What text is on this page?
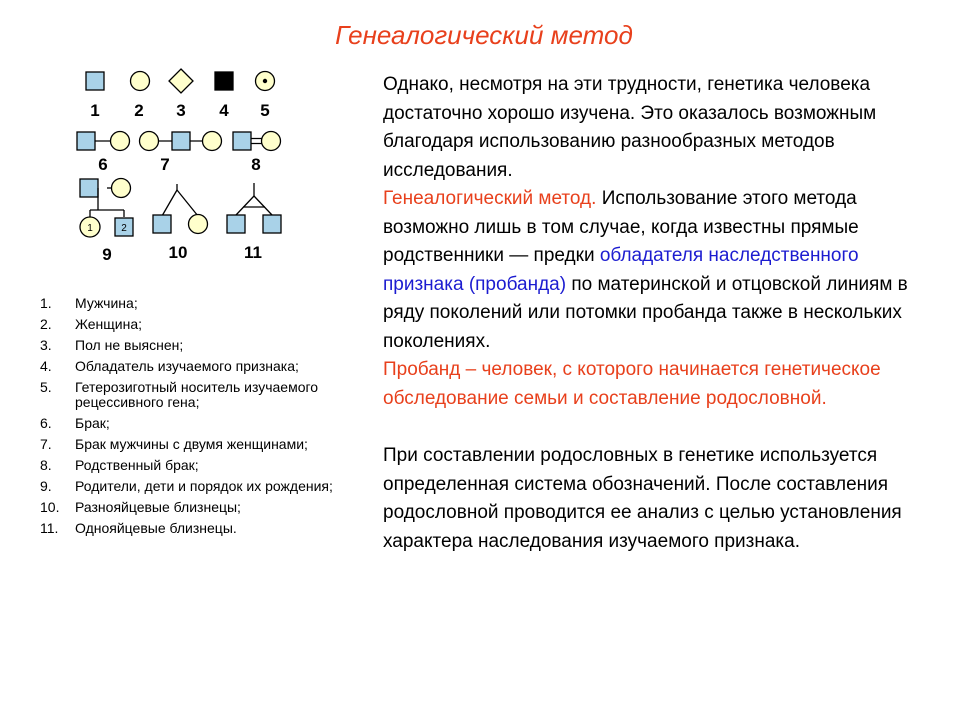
Генеалогический метод
1 2 3 4 5
6	7	8
9	10	11
1	2
1.	Мужчина;
2.	Женщина;
3.	Пол не выяснен;
4.	Обладатель изучаемого признака;
5.	Гетерозиготный носитель изучаемого рецессивного гена;
6.	Брак;
7.	Брак мужчины с двумя женщинами;
8.	Родственный брак;
9.	Родители, дети и порядок их рождения;
10.	Разнояйцевые близнецы;
11.	Однояйцевые близнецы.

Однако, несмотря на эти трудности, генетика человека достаточно хорошо изучена. Это оказалось возможным благодаря использованию разнообразных методов исследования.

Генеалогический метод. Использование этого метода возможно лишь в том случае, когда известны прямые родственники — предки обладателя наследственного признака (пробанда) по материнской и отцовской линиям в ряду поколений или потомки пробанда также в нескольких поколениях.

Пробанд – человек, с которого начинается генетическое обследование семьи и составление родословной.

При составлении родословных в генетике используется определенная система обозначений. После составления родословной проводится ее анализ с целью установления характера наследования изучаемого признака.
